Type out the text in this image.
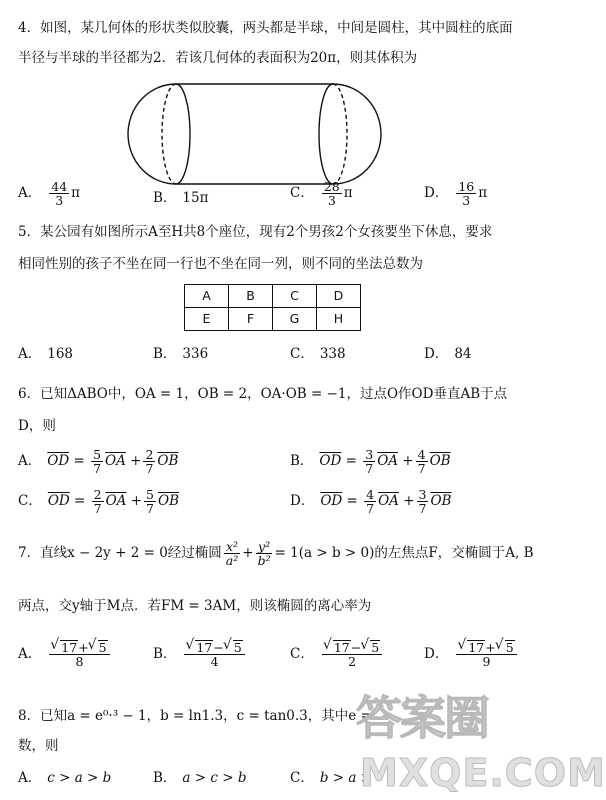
4．如图，某几何体的形状类似胶囊，两头都是半球，中间是圆柱，其中圆柱的底面
半径与半球的半径都为2．若该几何体的表面积为20π，则其体积为
A． $\frac{44}{3}$ π	B． 15π	C． $\frac{28}{3}$ π	D． $\frac{16}{3}$ π
5．某公园有如图所示A至H共8个座位，现有2个男孩2个女孩要坐下休息，要求
相同性别的孩子不坐在同一行也不坐在同一列，则不同的坐法总数为
A	B	C	D
E	F	G	H
A． 168	B． 336	C． 338	D． 84
6．已知ΔABO中，OA = 1，OB = 2，OA·OB = −1，过点O作OD垂直AB于点
D，则
A． $\overline{OD} = \frac{5}{7} \overline{OA} + \frac{2}{7} \overline{OB}$	B． $\overline{OD} = \frac{3}{7} \overline{OA} + \frac{4}{7} \overline{OB}$
C． $\overline{OD} = \frac{2}{7} \overline{OA} + \frac{5}{7} \overline{OB}$	D． $\overline{OD} = \frac{4}{7} \overline{OA} + \frac{3}{7} \overline{OB}$
7．直线x − 2y + 2 = 0经过椭圆 $\frac{\text{x²}}{\text{a²}} + \frac{\text{y²}}{\text{b²}} = 1(a > b > 0)$的左焦点F，交椭圆于A, B
两点，交y轴于M点．若FM = 3AM，则该椭圆的离心率为
A． √ $\frac{17+ √ 5}{8}$	B． √ $\frac{17- √ 5}{4}$	C． √ $\frac{17- √ 5}{2}$	D． √ $\frac{17+ √ 5}{9}$
8．已知a = e⁰·³ − 1，b = ln1.3，c = tan0.3，其中e =
数，则
A． c > a > b	B． a > c > b	C． b > a >
答案圈
MXQE.COM
